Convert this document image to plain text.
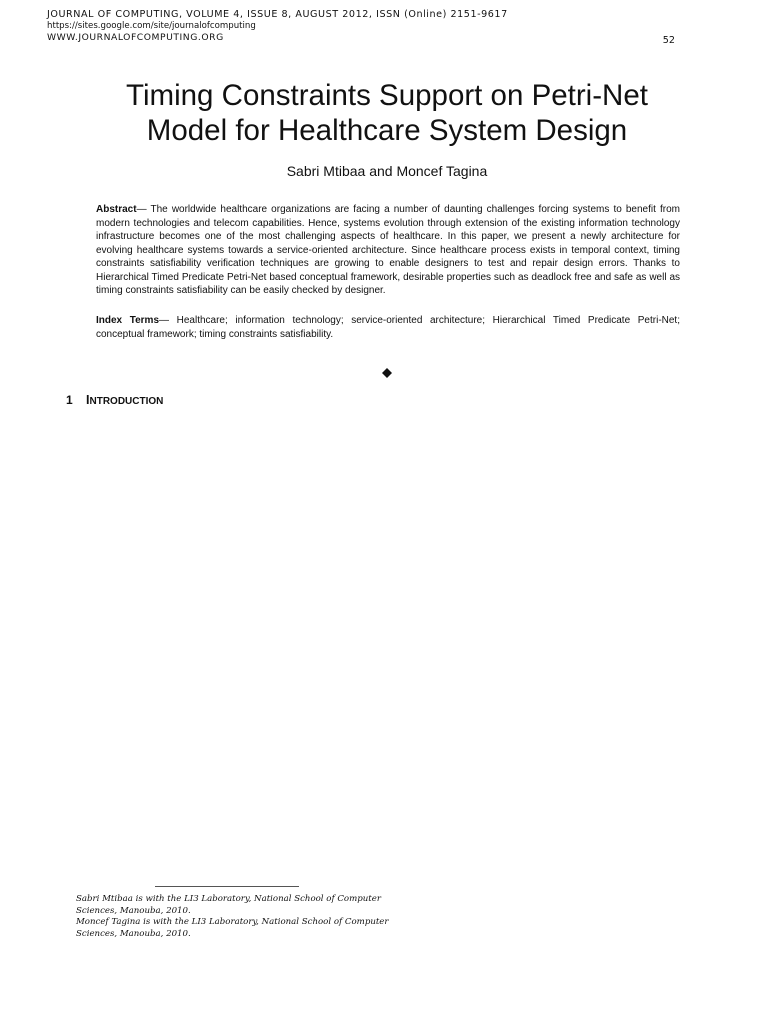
JOURNAL OF COMPUTING, VOLUME 4, ISSUE 8, AUGUST 2012, ISSN (Online) 2151-9617
https://sites.google.com/site/journalofcomputing
WWW.JOURNALOFCOMPUTING.ORG	52
Timing Constraints Support on Petri-Net
Model for Healthcare System Design
Sabri Mtibaa and Moncef Tagina
Abstract— The worldwide healthcare organizations are facing a number of daunting challenges forcing systems to benefit from modern technologies and telecom capabilities. Hence, systems evolution through extension of the existing information technology infrastructure becomes one of the most challenging aspects of healthcare. In this paper, we present a newly architecture for evolving healthcare systems towards a service-oriented architecture. Since healthcare process exists in temporal context, timing constraints satisfiability verification techniques are growing to enable designers to test and repair design errors. Thanks to Hierarchical Timed Predicate Petri-Net based conceptual framework, desirable properties such as deadlock free and safe as well as timing constraints satisfiability can be easily checked by designer.
Index Terms— Healthcare; information technology; service-oriented architecture; Hierarchical Timed Predicate Petri-Net; conceptual framework; timing constraints satisfiability.
1 INTRODUCTION

Sabri Mtibaa is with the LI3 Laboratory, National School of Computer Sciences, Manouba, 2010.

Moncef Tagina is with the LI3 Laboratory, National School of Computer Sciences, Manouba, 2010.
